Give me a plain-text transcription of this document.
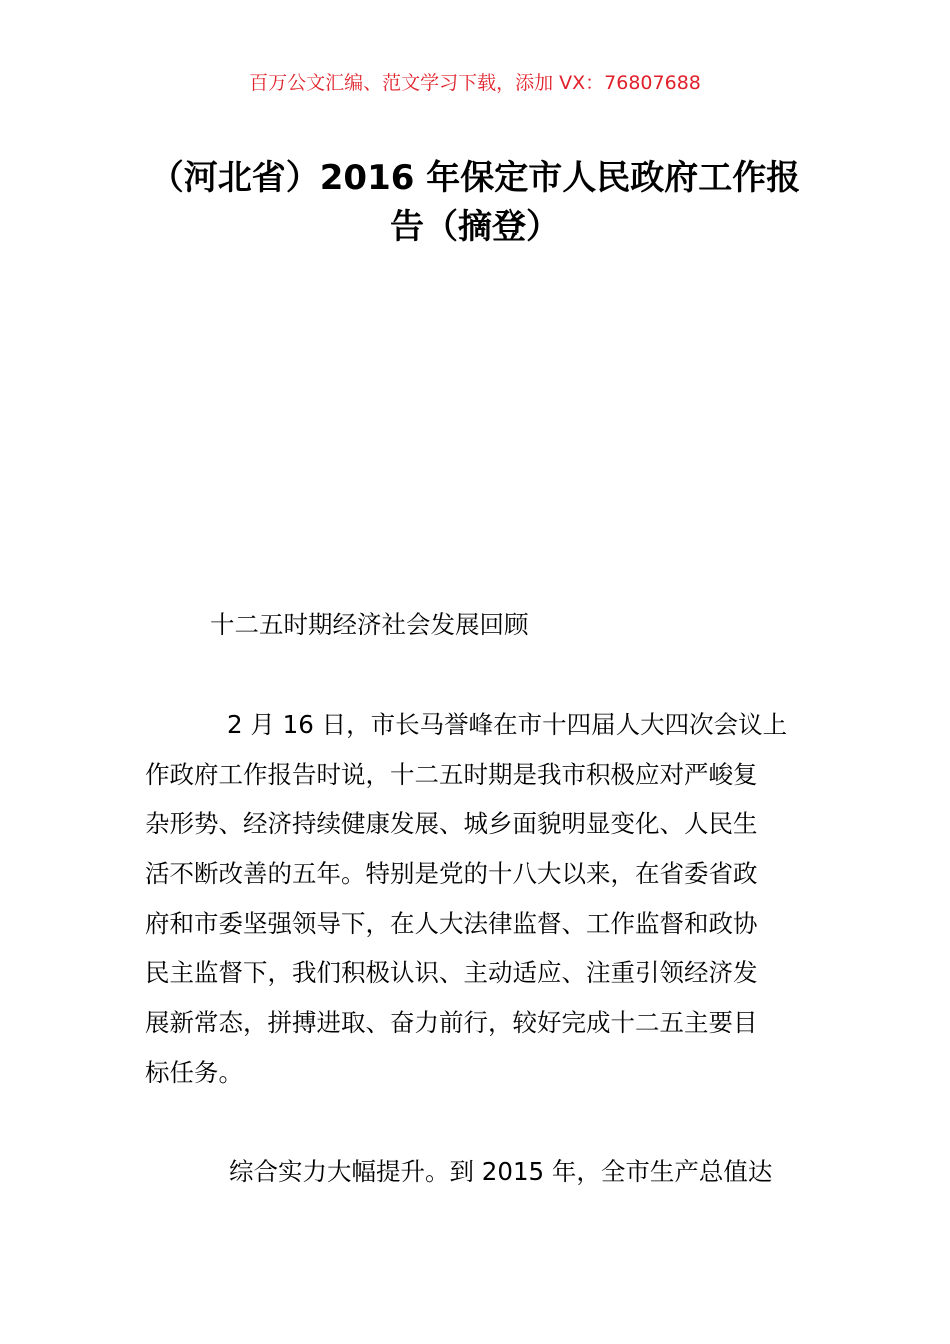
百万公文汇编、范文学习下载，添加 VX：76807688
（河北省）2016 年保定市人民政府工作报
告（摘登）
十二五时期经济社会发展回顾
2 月 16 日，市长马誉峰在市十四届人大四次会议上
作政府工作报告时说，十二五时期是我市积极应对严峻复
杂形势、经济持续健康发展、城乡面貌明显变化、人民生
活不断改善的五年。特别是党的十八大以来，在省委省政
府和市委坚强领导下，在人大法律监督、工作监督和政协
民主监督下，我们积极认识、主动适应、注重引领经济发
展新常态，拼搏进取、奋力前行，较好完成十二五主要目
标任务。
综合实力大幅提升。到 2015 年，全市生产总值达
